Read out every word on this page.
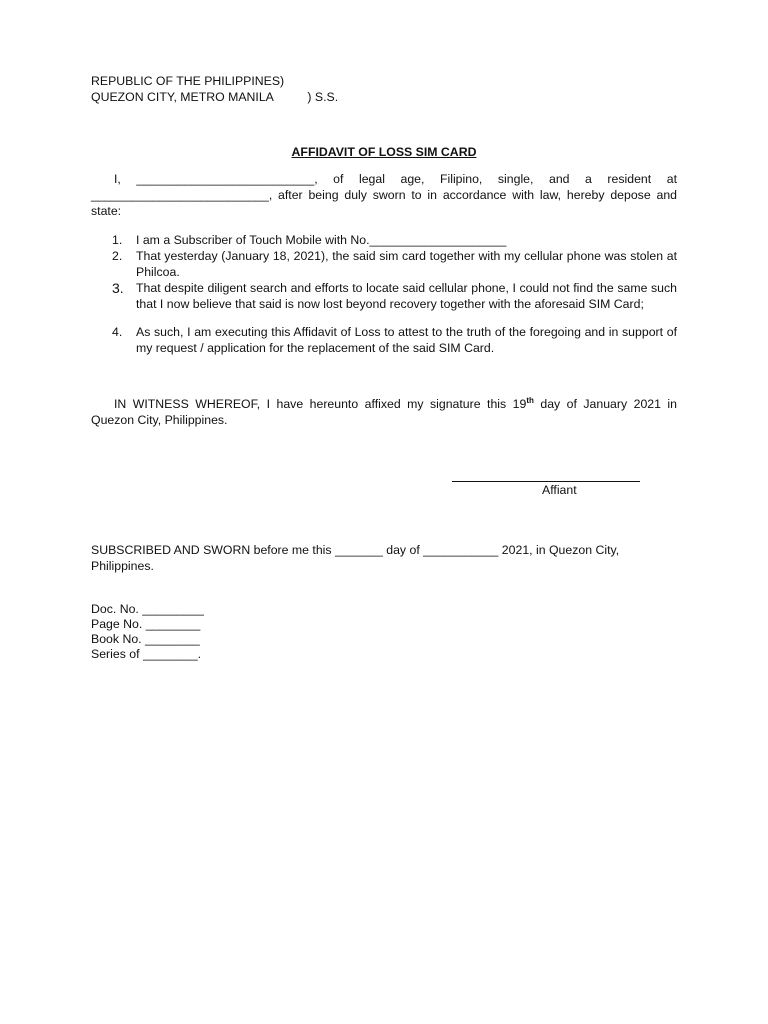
REPUBLIC OF THE PHILIPPINES)
QUEZON CITY, METRO MANILA          ) S.S.
AFFIDAVIT OF LOSS SIM CARD
I, __________________________, of legal age, Filipino, single, and a resident at __________________________, after being duly sworn to in accordance with law, hereby depose and state:
1. I am a Subscriber of Touch Mobile with No.____________________
2. That yesterday (January 18, 2021), the said sim card together with my cellular phone was stolen at Philcoa.
3. That despite diligent search and efforts to locate said cellular phone, I could not find the same such that I now believe that said is now lost beyond recovery together with the aforesaid SIM Card;
4. As such, I am executing this Affidavit of Loss to attest to the truth of the foregoing and in support of my request / application for the replacement of the said SIM Card.
IN WITNESS WHEREOF, I have hereunto affixed my signature this 19th day of January 2021 in Quezon City, Philippines.
Affiant
SUBSCRIBED AND SWORN before me this _______ day of ___________ 2021, in Quezon City, Philippines.
Doc. No. _________
Page No. ________
Book No. ________
Series of ________.
